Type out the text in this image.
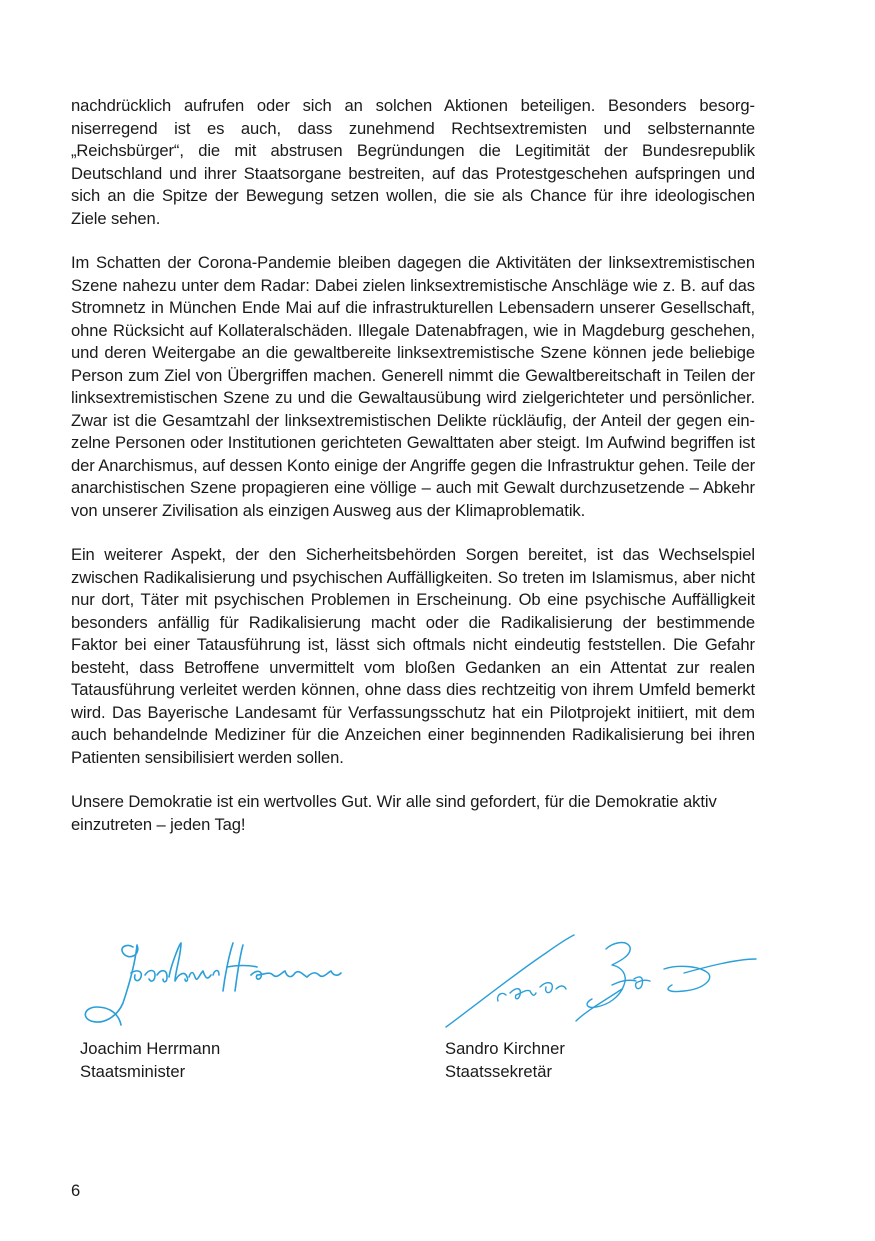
nachdrücklich aufrufen oder sich an solchen Aktionen beteiligen. Besonders besorgniserregend ist es auch, dass zunehmend Rechtsextremisten und selbsternannte „Reichsbürger“, die mit abstrusen Begründungen die Legitimität der Bundesrepublik Deutschland und ihrer Staatsorgane bestreiten, auf das Protestgeschehen aufspringen und sich an die Spitze der Bewegung setzen wollen, die sie als Chance für ihre ideologischen Ziele sehen.

Im Schatten der Corona-Pandemie bleiben dagegen die Aktivitäten der linksextremistischen Szene nahezu unter dem Radar: Dabei zielen linksextremistische Anschläge wie z. B. auf das Stromnetz in München Ende Mai auf die infrastrukturellen Lebensadern unserer Gesellschaft, ohne Rücksicht auf Kollateralschäden. Illegale Datenabfragen, wie in Magdeburg geschehen, und deren Weitergabe an die gewaltbereite linksextremistische Szene können jede beliebige Person zum Ziel von Übergriffen machen. Generell nimmt die Gewaltbereitschaft in Teilen der linksextremistischen Szene zu und die Gewaltausübung wird zielgerichteter und persönlicher. Zwar ist die Gesamtzahl der linksextremistischen Delikte rückläufig, der Anteil der gegen einzelne Personen oder Institutionen gerichteten Gewalttaten aber steigt. Im Aufwind begriffen ist der Anarchismus, auf dessen Konto einige der Angriffe gegen die Infrastruktur gehen. Teile der anarchistischen Szene propagieren eine völlige – auch mit Gewalt durchzusetzende – Abkehr von unserer Zivilisation als einzigen Ausweg aus der Klimaproblematik.

Ein weiterer Aspekt, der den Sicherheitsbehörden Sorgen bereitet, ist das Wechselspiel zwischen Radikalisierung und psychischen Auffälligkeiten. So treten im Islamismus, aber nicht nur dort, Täter mit psychischen Problemen in Erscheinung. Ob eine psychische Auffälligkeit besonders anfällig für Radikalisierung macht oder die Radikalisierung der bestimmende Faktor bei einer Tatausführung ist, lässt sich oftmals nicht eindeutig feststellen. Die Gefahr besteht, dass Betroffene unvermittelt vom bloßen Gedanken an ein Attentat zur realen Tatausführung verleitet werden können, ohne dass dies rechtzeitig von ihrem Umfeld bemerkt wird. Das Bayerische Landesamt für Verfassungsschutz hat ein Pilotprojekt initiiert, mit dem auch behandelnde Mediziner für die Anzeichen einer beginnenden Radikalisierung bei ihren Patienten sensibilisiert werden sollen.

Unsere Demokratie ist ein wertvolles Gut. Wir alle sind gefordert, für die Demokratie aktiv einzutreten – jeden Tag!

Joachim Herrmann
Staatsminister
Sandro Kirchner
Staatssekretär
6
